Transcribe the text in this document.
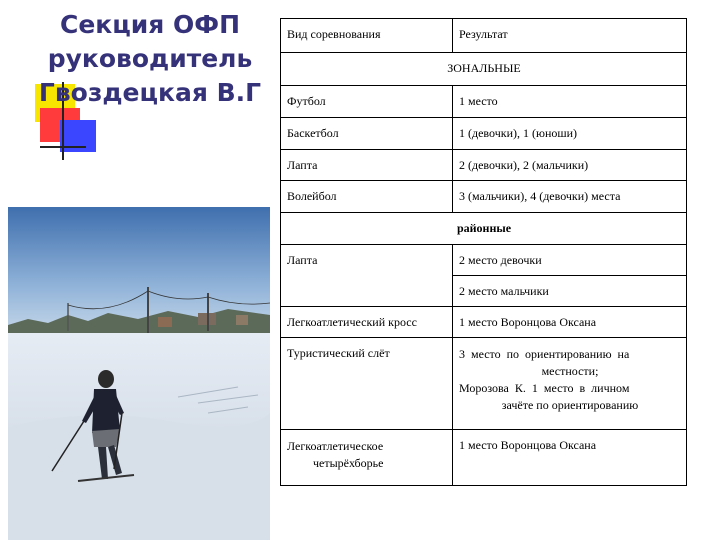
Секция ОФП
руководитель
Гвоздецкая В.Г
Вид соревнования	Результат
ЗОНАЛЬНЫЕ	
Футбол	1 место
Баскетбол	1 (девочки), 1 (юноши)
Лапта	2 (девочки), 2 (мальчики)
Волейбол	3 (мальчики), 4 (девочки) места
районные	
Лапта	2 место девочки
	2 место мальчики
Легкоатлетический кросс	1 место Воронцова Оксана
Туристический слёт	3  место  по  ориентированию  на
местности;
Морозова  К.  1  место  в  личном
зачёте по ориентированию

Легкоатлетическое
четырёхборье	1 место Воронцова Оксана
